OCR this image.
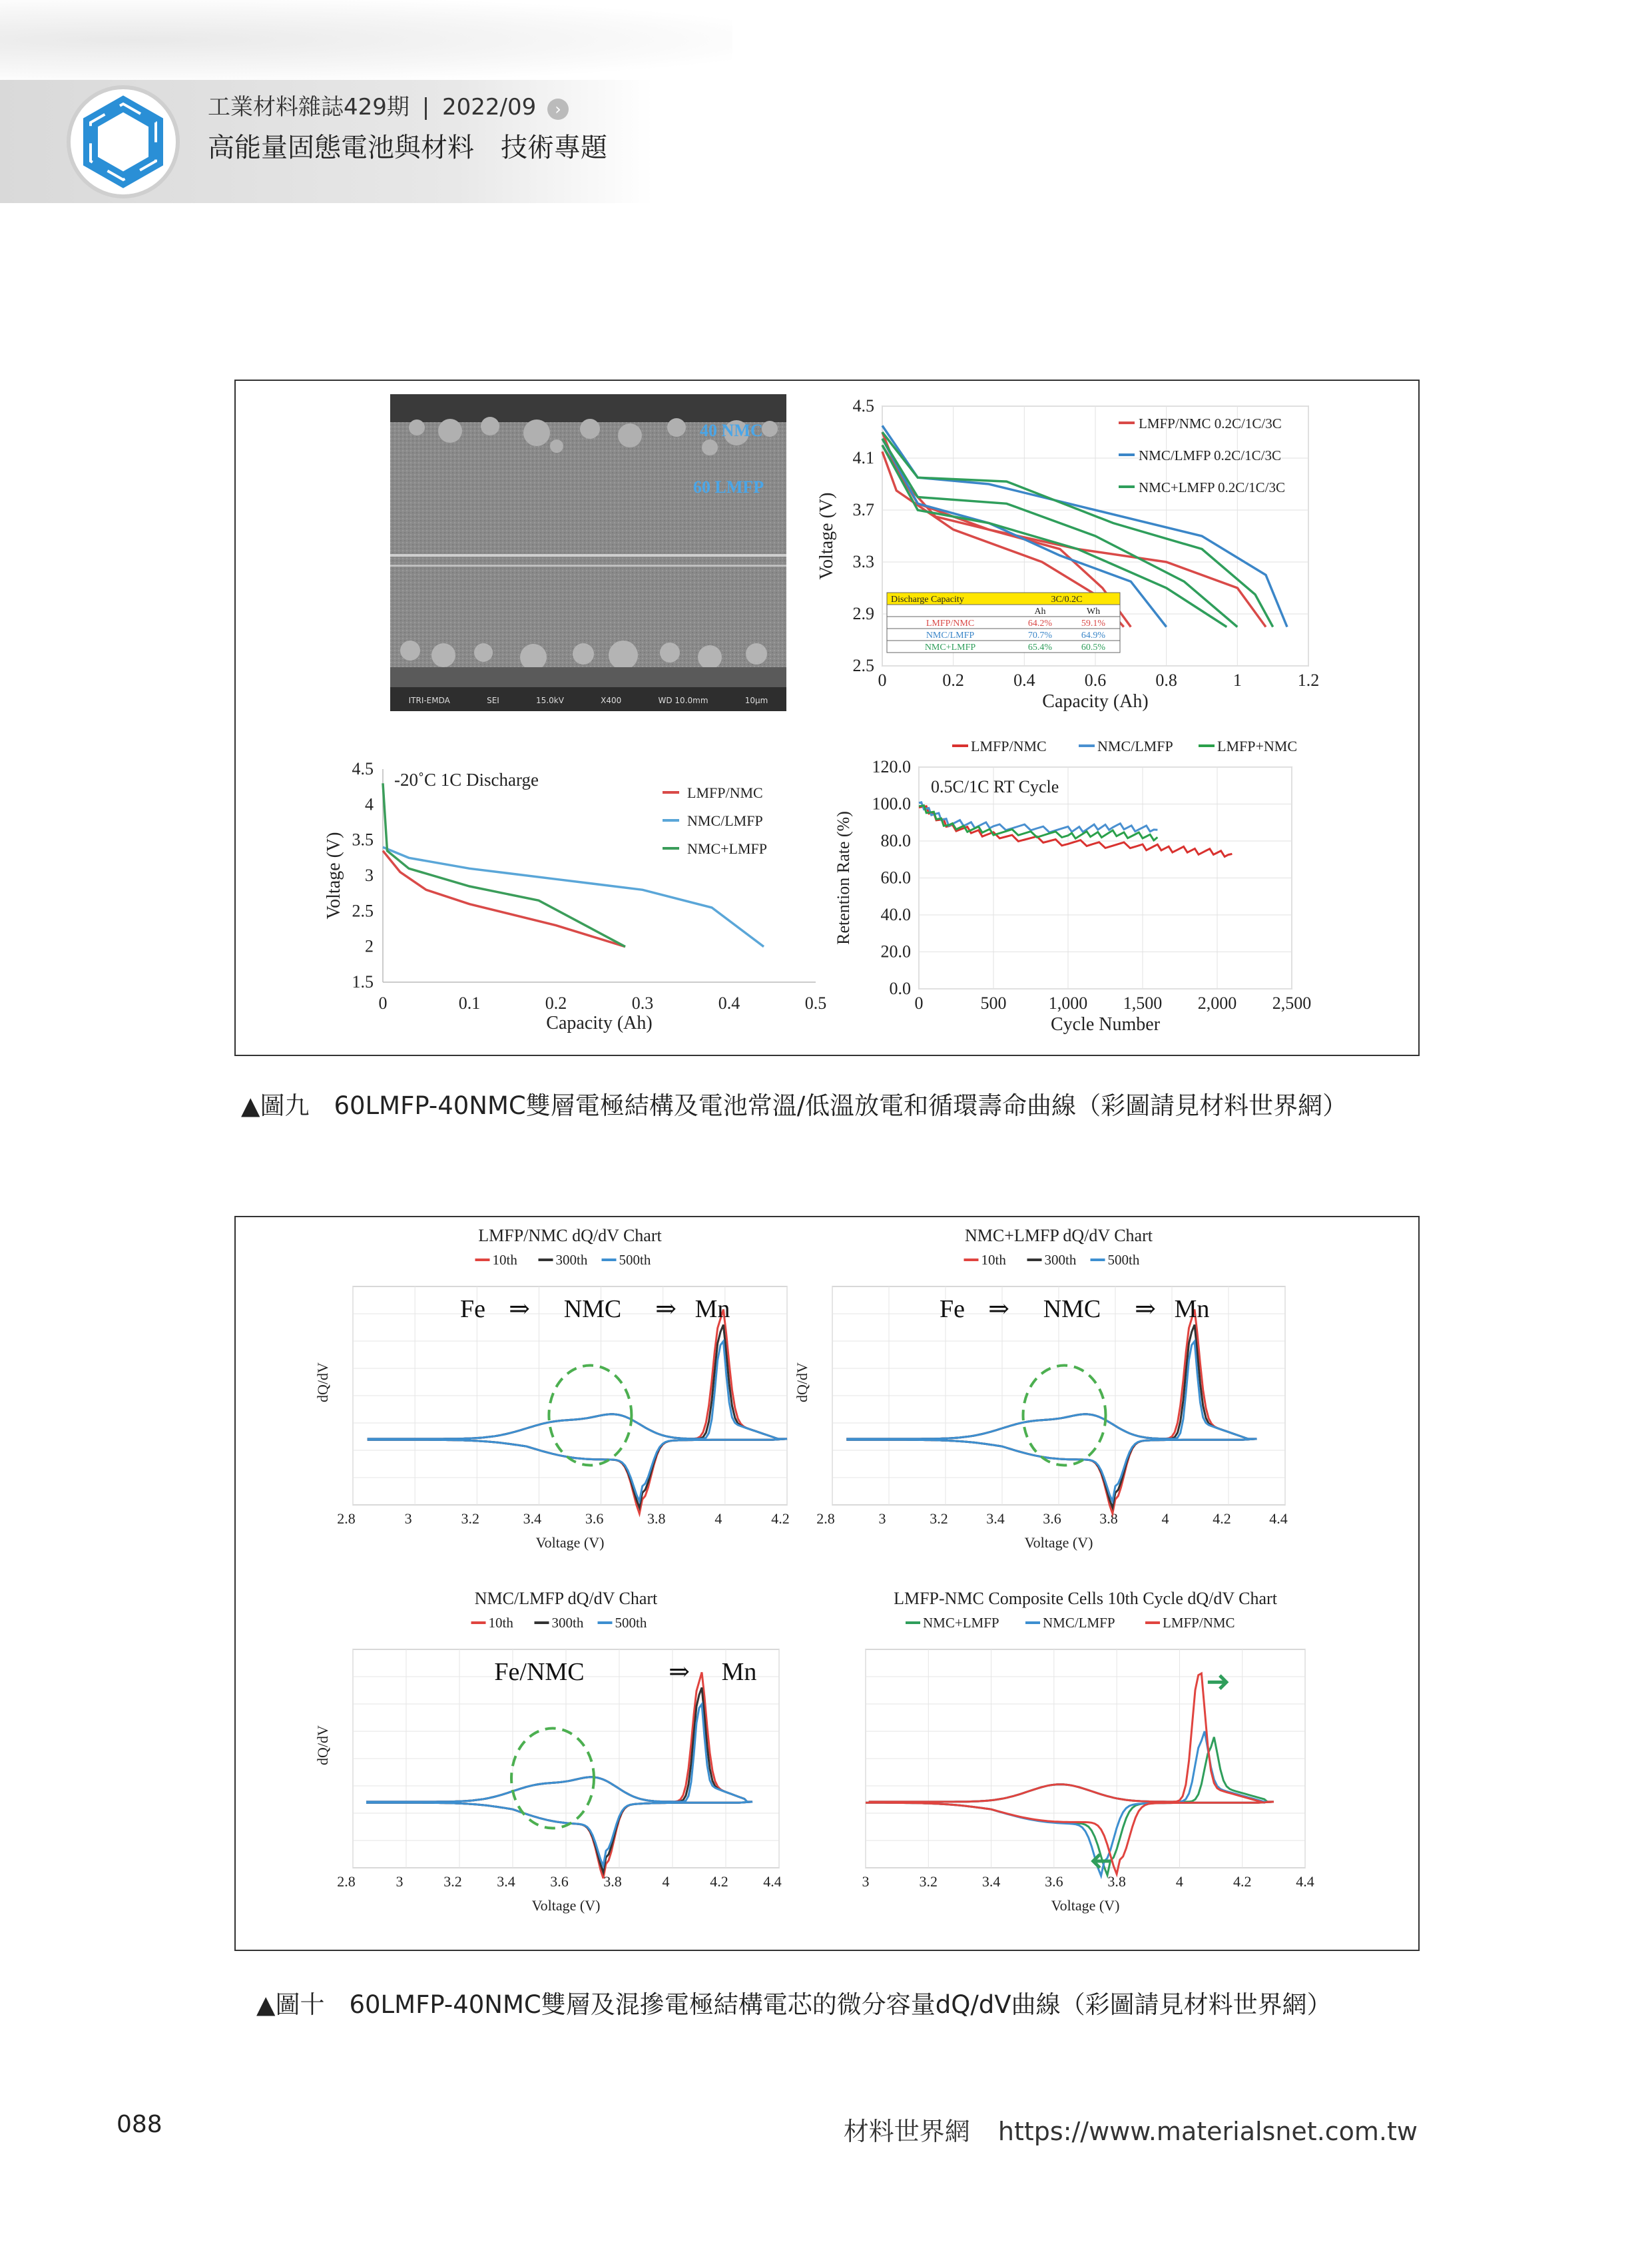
工業材料雜誌429期 | 2022/09 ›
高能量固態電池與材料　技術專題
40 NMC
60 LMFP
ITRI-EMDA	SEI	15.0kV	X400	WD 10.0mm	10μm
0	0.2	0.4	0.6	0.8	1	1.2
2.5
2.9
3.3
3.7
4.1
4.5
Capacity (Ah)
Voltage (V)
LMFP/NMC 0.2C/1C/3C
NMC/LMFP 0.2C/1C/3C
NMC+LMFP 0.2C/1C/3C
Discharge Capacity	3C/0.2C
Ah	Wh
LMFP/NMC	64.2%	59.1%
NMC/LMFP	70.7%	64.9%
NMC+LMFP	65.4%	60.5%
0	0.1	0.2	0.3	0.4	0.5
1.5
2
2.5
3
3.5
4
4.5
-20˚C 1C Discharge
Capacity (Ah)
Voltage (V)
LMFP/NMC
NMC/LMFP
NMC+LMFP
0	500 1,000 1,500 2,000 2,500
0.0
20.0
40.0
60.0
80.0
100.0
120.0
0.5C/1C RT Cycle
Cycle Number
Retention Rate (%)
LMFP/NMC	NMC/LMFP	LMFP+NMC
▲圖九　60LMFP-40NMC雙層電極結構及電池常溫/低溫放電和循環壽命曲線（彩圖請見材料世界網）
2.8	3	3.2	3.4	3.6	3.8	4	4.2
LMFP/NMC dQ/dV Chart
10th	300th 500th
Voltage (V)
dQ/dV
Fe ⇒ NMC ⇒ Mn
2.8	3	3.2	3.4	3.6	3.8	4	4.2	4.4
NMC+LMFP dQ/dV Chart
10th	300th 500th
Voltage (V)
dQ/dV
Fe ⇒ NMC ⇒ Mn
2.8	3	3.2 3.4 3.6 3.8	4	4.2 4.4
NMC/LMFP dQ/dV Chart
10th	300th 500th
Voltage (V)
dQ/dV
Fe/NMC	⇒ Mn
3	3.2	3.4	3.6	3.8	4	4.2	4.4
LMFP-NMC Composite Cells 10th Cycle dQ/dV Chart
NMC+LMFP	NMC/LMFP	LMFP/NMC
Voltage (V)
▲圖十　60LMFP-40NMC雙層及混摻電極結構電芯的微分容量dQ/dV曲線（彩圖請見材料世界網）
088	材料世界網 https://www.materialsnet.com.tw
